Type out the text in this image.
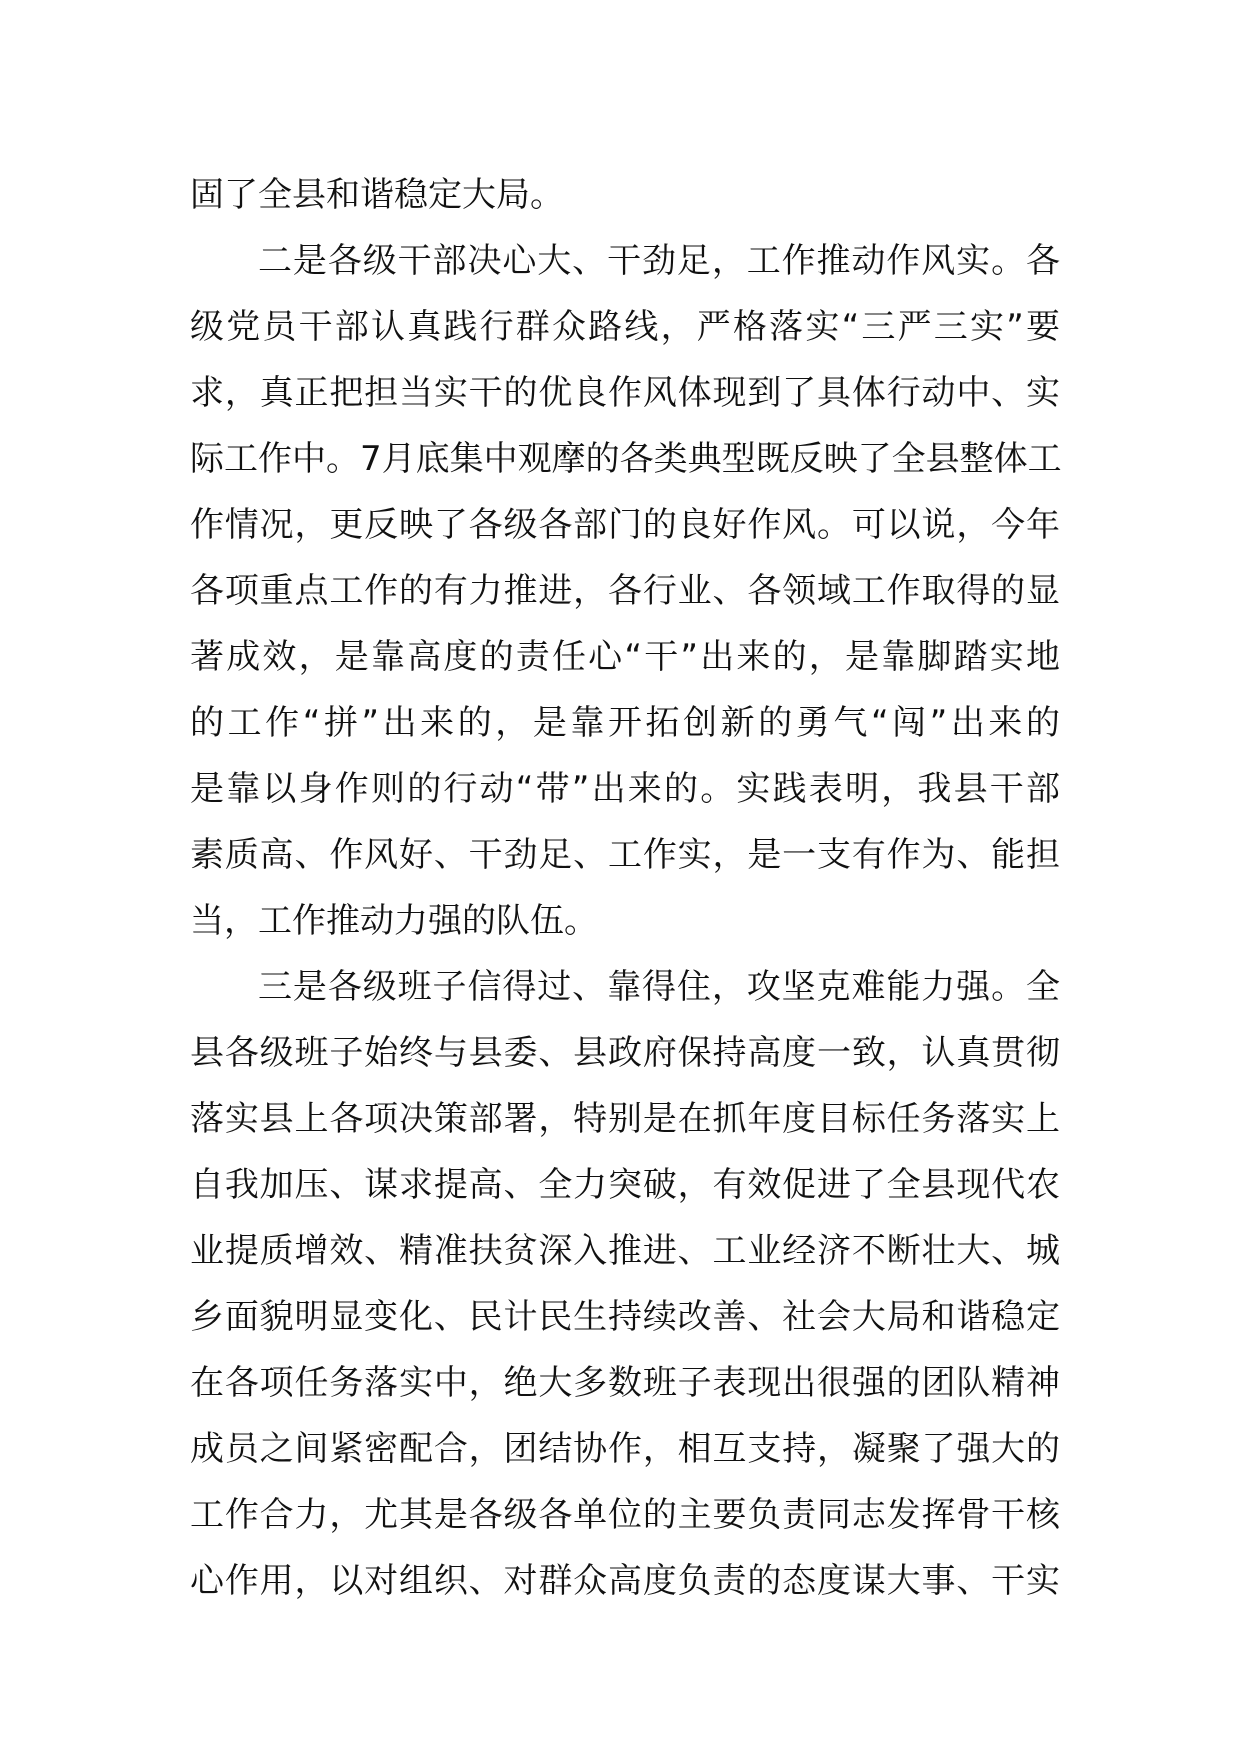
固了全县和谐稳定大局。
二是各级干部决心大、干劲足，工作推动作风实。各
级党员干部认真践行群众路线，严格落实“三严三实”要
求，真正把担当实干的优良作风体现到了具体行动中、实
际工作中。7月底集中观摩的各类典型既反映了全县整体工
作情况，更反映了各级各部门的良好作风。可以说，今年
各项重点工作的有力推进，各行业、各领域工作取得的显
著成效，是靠高度的责任心“干”出来的，是靠脚踏实地
的工作“拼”出来的，是靠开拓创新的勇气“闯”出来的
是靠以身作则的行动“带”出来的。实践表明，我县干部
素质高、作风好、干劲足、工作实，是一支有作为、能担
当，工作推动力强的队伍。
三是各级班子信得过、靠得住，攻坚克难能力强。全
县各级班子始终与县委、县政府保持高度一致，认真贯彻
落实县上各项决策部署，特别是在抓年度目标任务落实上
自我加压、谋求提高、全力突破，有效促进了全县现代农
业提质增效、精准扶贫深入推进、工业经济不断壮大、城
乡面貌明显变化、民计民生持续改善、社会大局和谐稳定
在各项任务落实中，绝大多数班子表现出很强的团队精神
成员之间紧密配合，团结协作，相互支持，凝聚了强大的
工作合力，尤其是各级各单位的主要负责同志发挥骨干核
心作用，以对组织、对群众高度负责的态度谋大事、干实
